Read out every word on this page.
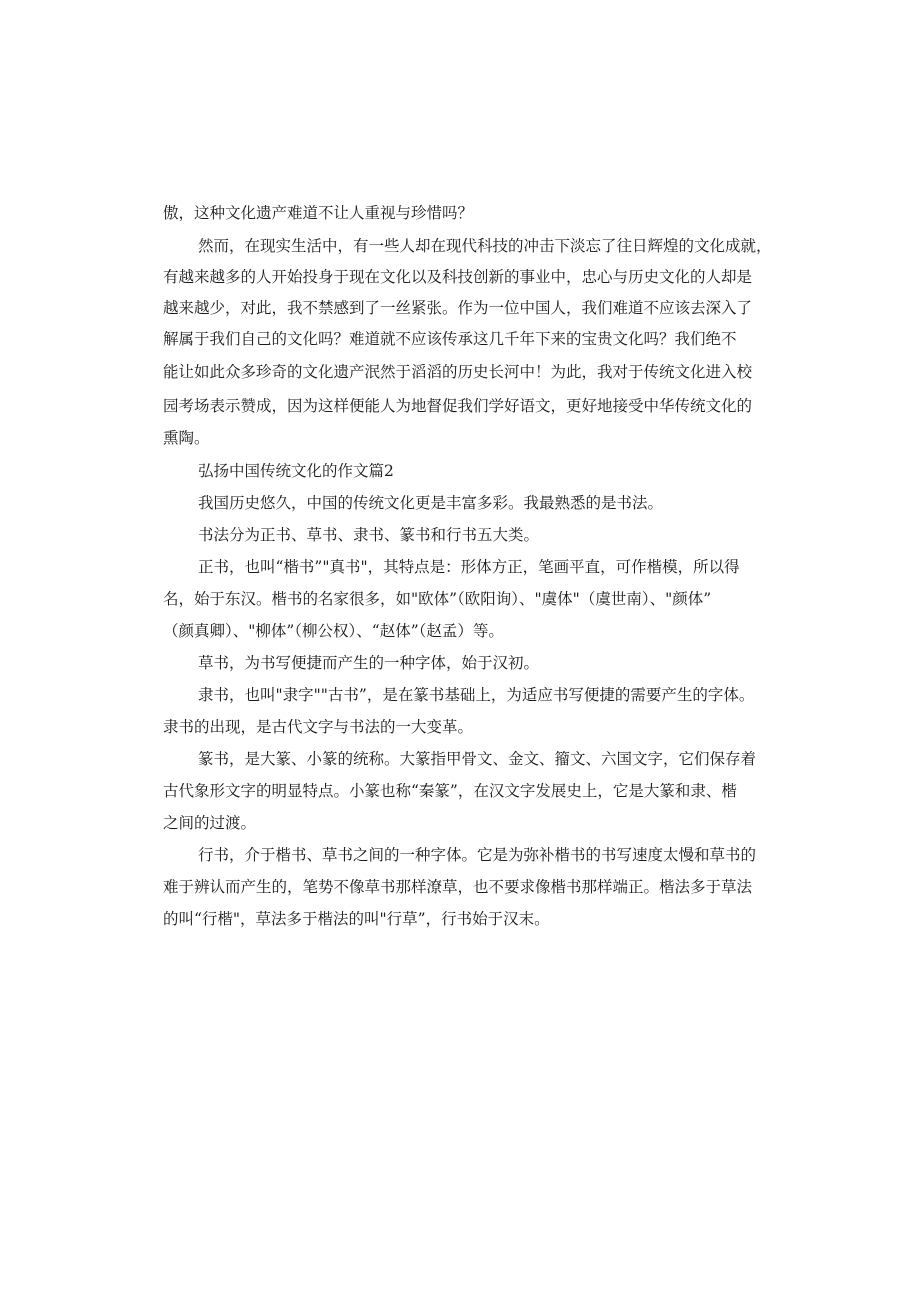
傲，这种文化遗产难道不让人重视与珍惜吗？
然而，在现实生活中，有一些人却在现代科技的冲击下淡忘了往日辉煌的文化成就，
有越来越多的人开始投身于现在文化以及科技创新的事业中，忠心与历史文化的人却是
越来越少，对此，我不禁感到了一丝紧张。作为一位中国人，我们难道不应该去深入了
解属于我们自己的文化吗？难道就不应该传承这几千年下来的宝贵文化吗？我们绝不
能让如此众多珍奇的文化遗产泯然于滔滔的历史长河中！为此，我对于传统文化进入校
园考场表示赞成，因为这样便能人为地督促我们学好语文，更好地接受中华传统文化的
熏陶。
弘扬中国传统文化的作文篇2
我国历史悠久，中国的传统文化更是丰富多彩。我最熟悉的是书法。
书法分为正书、草书、隶书、篆书和行书五大类。
正书，也叫“楷书”"真书"，其特点是：形体方正，笔画平直，可作楷模，所以得
名，始于东汉。楷书的名家很多，如"欧体”（欧阳询）、"虞体"（虞世南）、"颜体”
（颜真卿）、"柳体”（柳公权）、“赵体”（赵孟）等。
草书，为书写便捷而产生的一种字体，始于汉初。
隶书，也叫"隶字""古书”，是在篆书基础上，为适应书写便捷的需要产生的字体。
隶书的出现，是古代文字与书法的一大变革。
篆书，是大篆、小篆的统称。大篆指甲骨文、金文、籀文、六国文字，它们保存着
古代象形文字的明显特点。小篆也称“秦篆”，在汉文字发展史上，它是大篆和隶、楷
之间的过渡。
行书，介于楷书、草书之间的一种字体。它是为弥补楷书的书写速度太慢和草书的
难于辨认而产生的，笔势不像草书那样潦草，也不要求像楷书那样端正。楷法多于草法
的叫“行楷"，草法多于楷法的叫"行草”，行书始于汉末。
